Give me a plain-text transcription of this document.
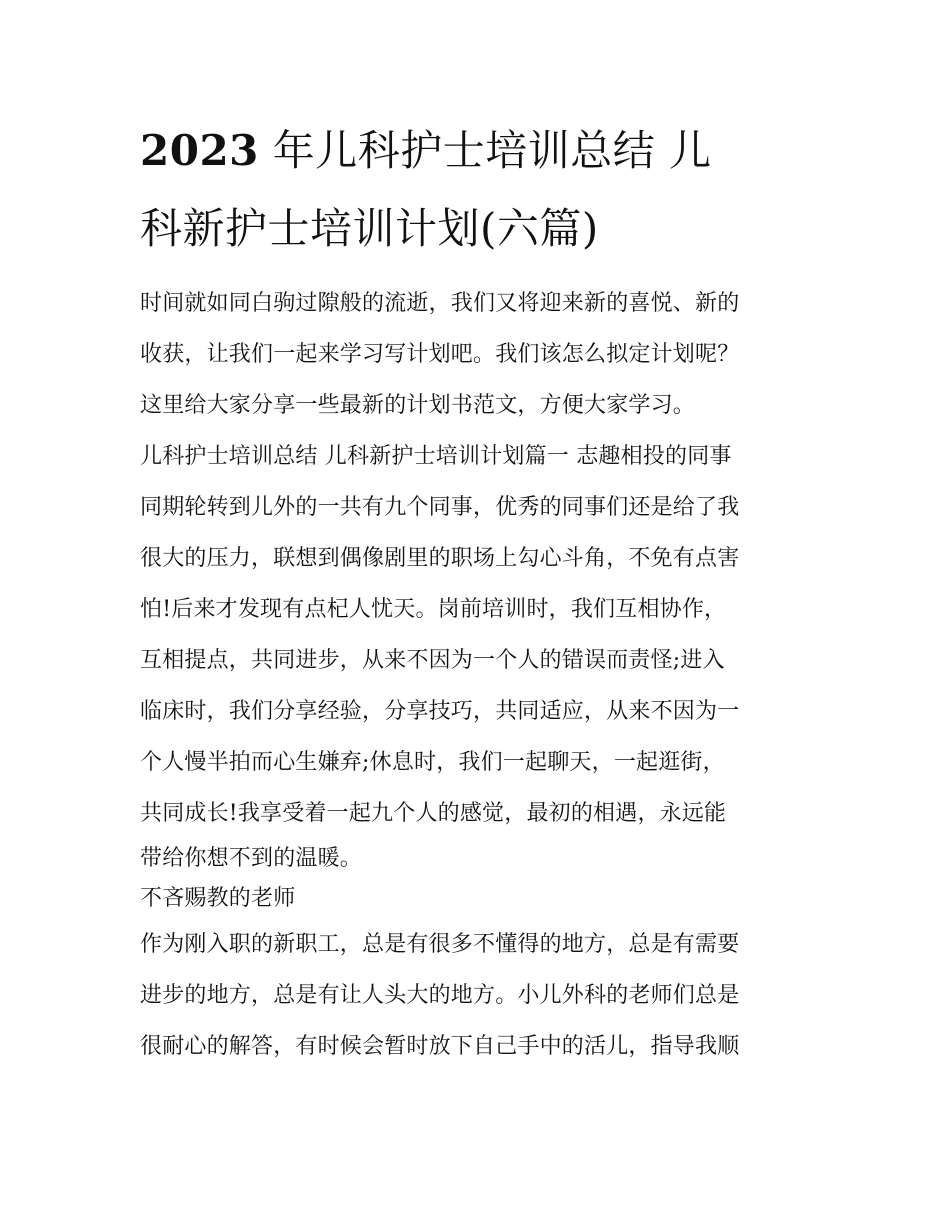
2023 年儿科护士培训总结 儿
科新护士培训计划(六篇)
时间就如同白驹过隙般的流逝，我们又将迎来新的喜悦、新的
收获，让我们一起来学习写计划吧。我们该怎么拟定计划呢？
这里给大家分享一些最新的计划书范文，方便大家学习。
儿科护士培训总结 儿科新护士培训计划篇一 志趣相投的同事
同期轮转到儿外的一共有九个同事，优秀的同事们还是给了我
很大的压力，联想到偶像剧里的职场上勾心斗角，不免有点害
怕!后来才发现有点杞人忧天。岗前培训时，我们互相协作，
互相提点，共同进步，从来不因为一个人的错误而责怪;进入
临床时，我们分享经验，分享技巧，共同适应，从来不因为一
个人慢半拍而心生嫌弃;休息时，我们一起聊天，一起逛街，
共同成长!我享受着一起九个人的感觉，最初的相遇，永远能
带给你想不到的温暖。
不吝赐教的老师
作为刚入职的新职工，总是有很多不懂得的地方，总是有需要
进步的地方，总是有让人头大的地方。小儿外科的老师们总是
很耐心的解答，有时候会暂时放下自己手中的活儿，指导我顺
